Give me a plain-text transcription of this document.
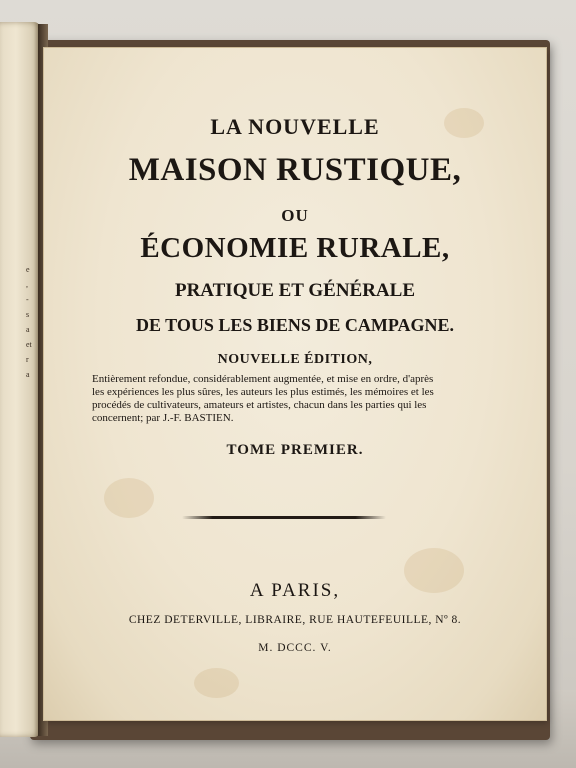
e
,
-
s
a
et
r
a
LA NOUVELLE
MAISON RUSTIQUE,
OU
ÉCONOMIE RURALE,
PRATIQUE ET GÉNÉRALE
DE TOUS LES BIENS DE CAMPAGNE.
NOUVELLE ÉDITION,
Entièrement refondue, considérablement augmentée, et mise en ordre, d'après
les expériences les plus sûres, les auteurs les plus estimés, les mémoires et les
procédés de cultivateurs, amateurs et artistes, chacun dans les parties qui les
concernent; par J.-F. BASTIEN.
TOME PREMIER.
A PARIS,
CHEZ DETERVILLE, LIBRAIRE, RUE HAUTEFEUILLE, Nº 8.
M. DCCC. V.
